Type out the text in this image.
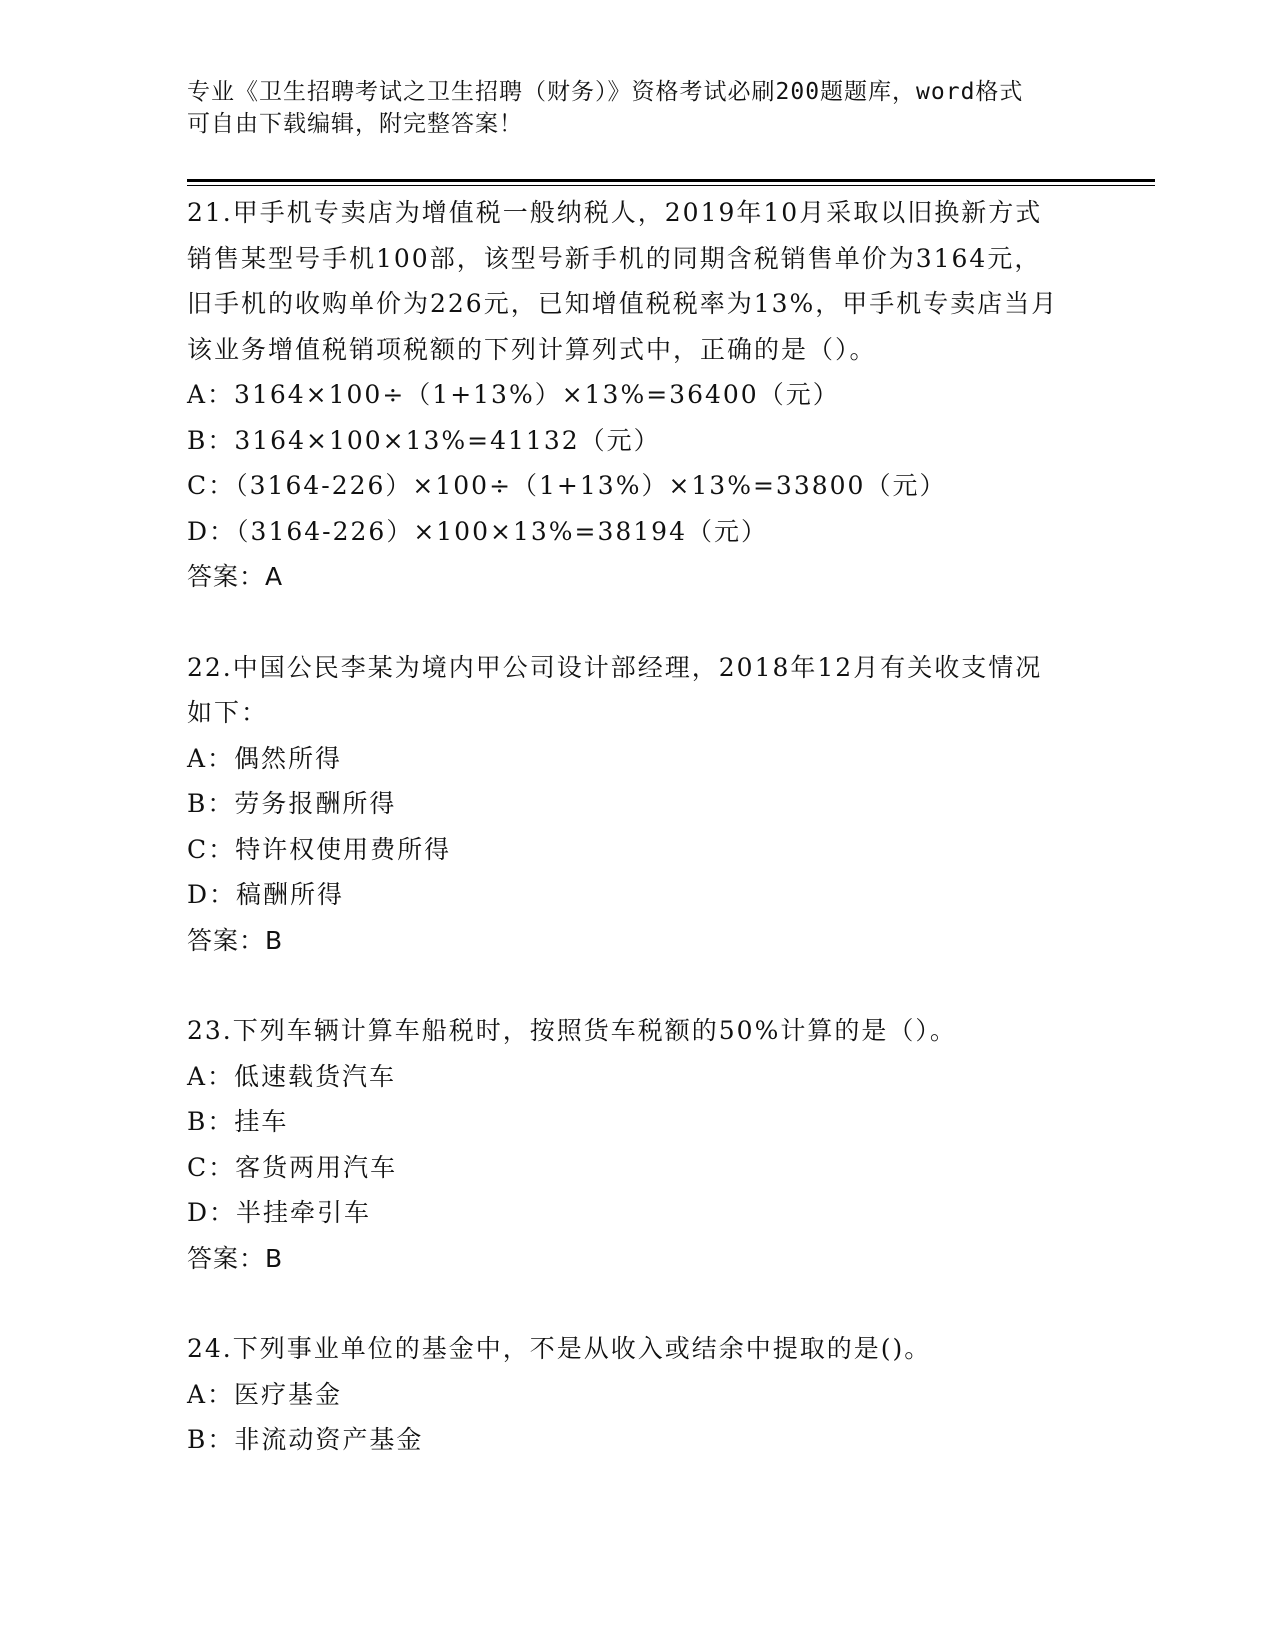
专业《卫生招聘考试之卫生招聘（财务）》资格考试必刷200题题库，word格式
可自由下载编辑，附完整答案！

21.甲手机专卖店为增值税一般纳税人，2019年10月采取以旧换新方式销售某型号手机100部，该型号新手机的同期含税销售单价为3164元，旧手机的收购单价为226元，已知增值税税率为13%，甲手机专卖店当月该业务增值税销项税额的下列计算列式中，正确的是（）。

A：3164×100÷（1+13%）×13%=36400（元）

B：3164×100×13%=41132（元）

C：（3164-226）×100÷（1+13%）×13%=33800（元）

D：（3164-226）×100×13%=38194（元）

答案：A

22.中国公民李某为境内甲公司设计部经理，2018年12月有关收支情况如下：

A：偶然所得

B：劳务报酬所得

C：特许权使用费所得

D：稿酬所得

答案：B

23.下列车辆计算车船税时，按照货车税额的50%计算的是（）。

A：低速载货汽车

B：挂车

C：客货两用汽车

D：半挂牵引车

答案：B

24.下列事业单位的基金中，不是从收入或结余中提取的是()。

A：医疗基金

B：非流动资产基金
